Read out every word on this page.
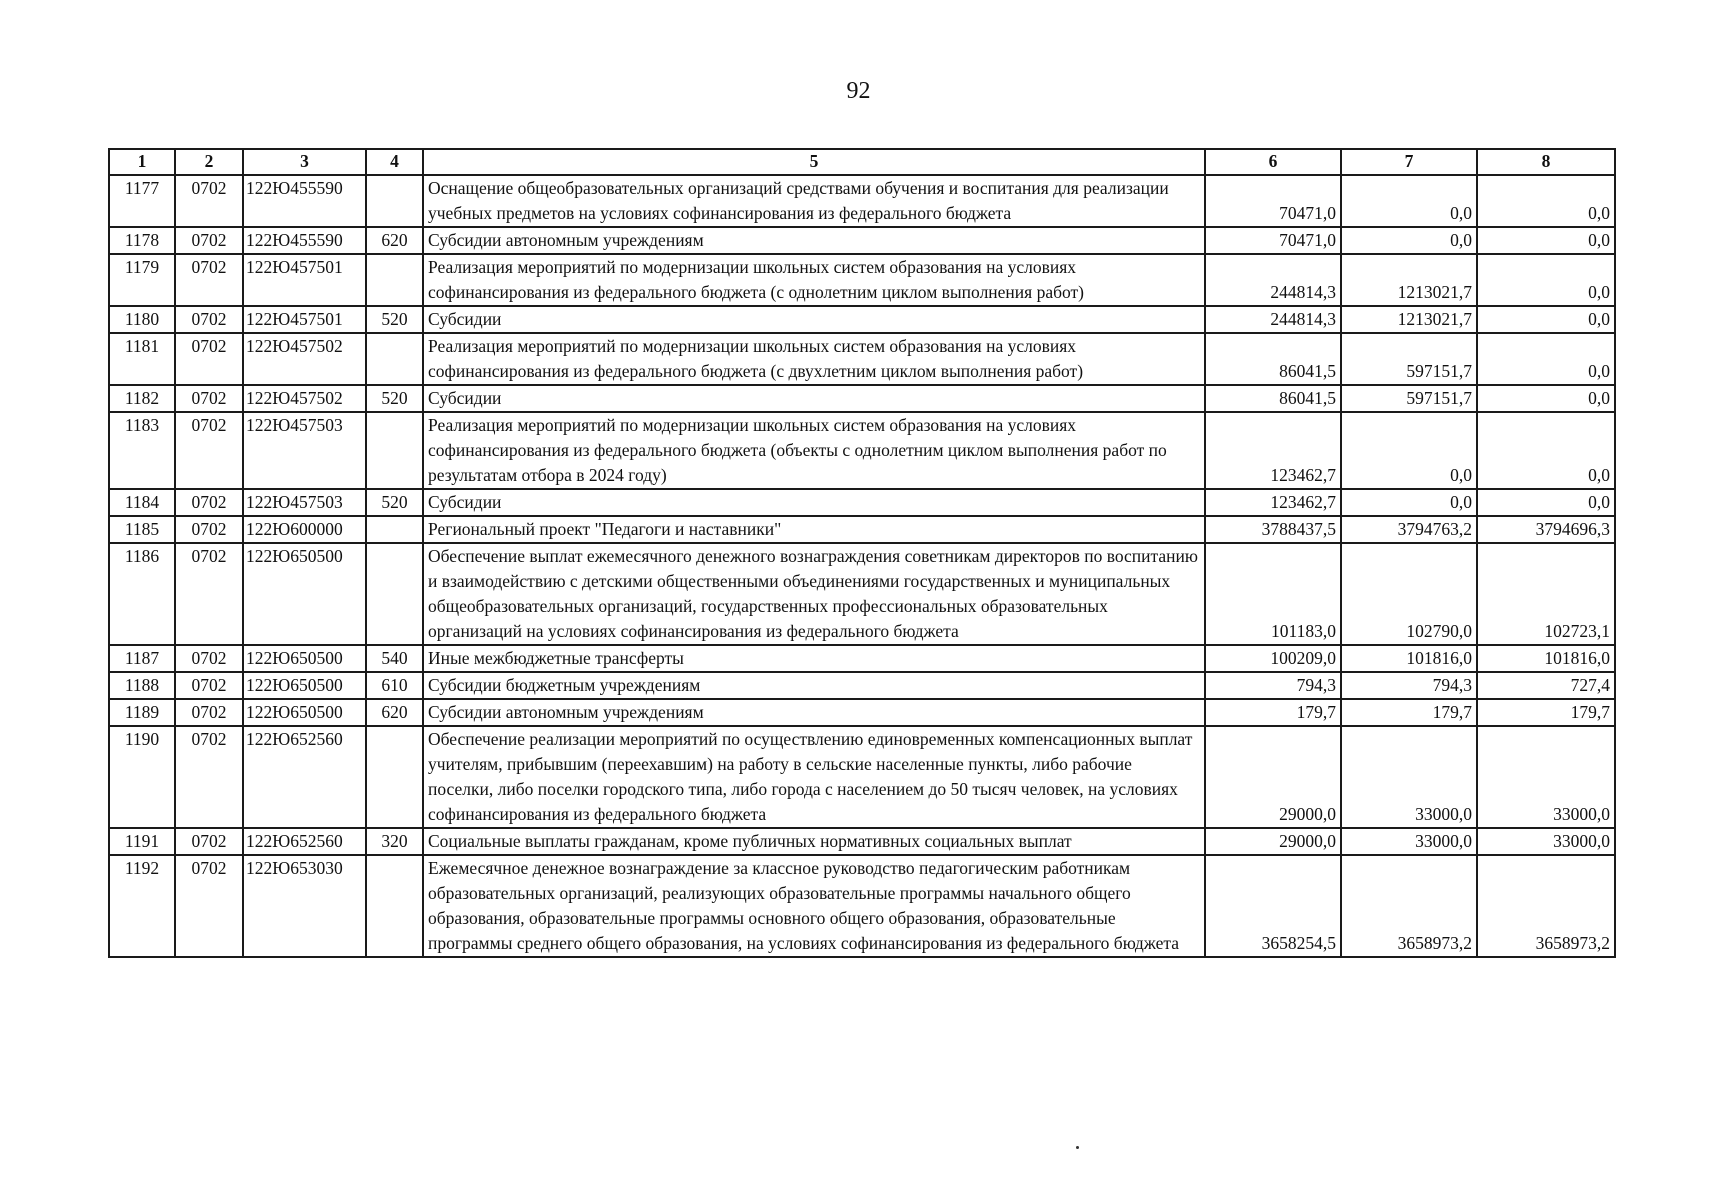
92
1	2	3	4	5	6	7	8
1177	0702	122Ю455590		Оснащение общеобразовательных организаций средствами обучения и воспитания для реализации учебных предметов на условиях софинансирования из федерального бюджета	70471,0	0,0	0,0
1178	0702	122Ю455590	620	Субсидии автономным учреждениям	70471,0	0,0	0,0
1179	0702	122Ю457501		Реализация мероприятий по модернизации школьных систем образования на условиях софинансирования из федерального бюджета (с однолетним циклом выполнения работ)	244814,3	1213021,7	0,0
1180	0702	122Ю457501	520	Субсидии	244814,3	1213021,7	0,0
1181	0702	122Ю457502		Реализация мероприятий по модернизации школьных систем образования на условиях софинансирования из федерального бюджета (с двухлетним циклом выполнения работ)	86041,5	597151,7	0,0
1182	0702	122Ю457502	520	Субсидии	86041,5	597151,7	0,0
1183	0702	122Ю457503		Реализация мероприятий по модернизации школьных систем образования на условиях софинансирования из федерального бюджета (объекты с однолетним циклом выполнения работ по результатам отбора в 2024 году)	123462,7	0,0	0,0
1184	0702	122Ю457503	520	Субсидии	123462,7	0,0	0,0
1185	0702	122Ю600000		Региональный проект "Педагоги и наставники"	3788437,5	3794763,2	3794696,3
1186	0702	122Ю650500		Обеспечение выплат ежемесячного денежного вознаграждения советникам директоров по воспитанию и взаимодействию с детскими общественными объединениями государственных и муниципальных общеобразовательных организаций, государственных профессиональных образовательных организаций на условиях софинансирования из федерального бюджета	101183,0	102790,0	102723,1
1187	0702	122Ю650500	540	Иные межбюджетные трансферты	100209,0	101816,0	101816,0
1188	0702	122Ю650500	610	Субсидии бюджетным учреждениям	794,3	794,3	727,4
1189	0702	122Ю650500	620	Субсидии автономным учреждениям	179,7	179,7	179,7
1190	0702	122Ю652560		Обеспечение реализации мероприятий по осуществлению единовременных компенсационных выплат учителям, прибывшим (переехавшим) на работу в сельские населенные пункты, либо рабочие поселки, либо поселки городского типа, либо города с населением до 50 тысяч человек, на условиях софинансирования из федерального бюджета	29000,0	33000,0	33000,0
1191	0702	122Ю652560	320	Социальные выплаты гражданам, кроме публичных нормативных социальных выплат	29000,0	33000,0	33000,0
1192	0702	122Ю653030		Ежемесячное денежное вознаграждение за классное руководство педагогическим работникам образовательных организаций, реализующих образовательные программы начального общего образования, образовательные программы основного общего образования, образовательные программы среднего общего образования, на условиях софинансирования из федерального бюджета	3658254,5	3658973,2	3658973,2
